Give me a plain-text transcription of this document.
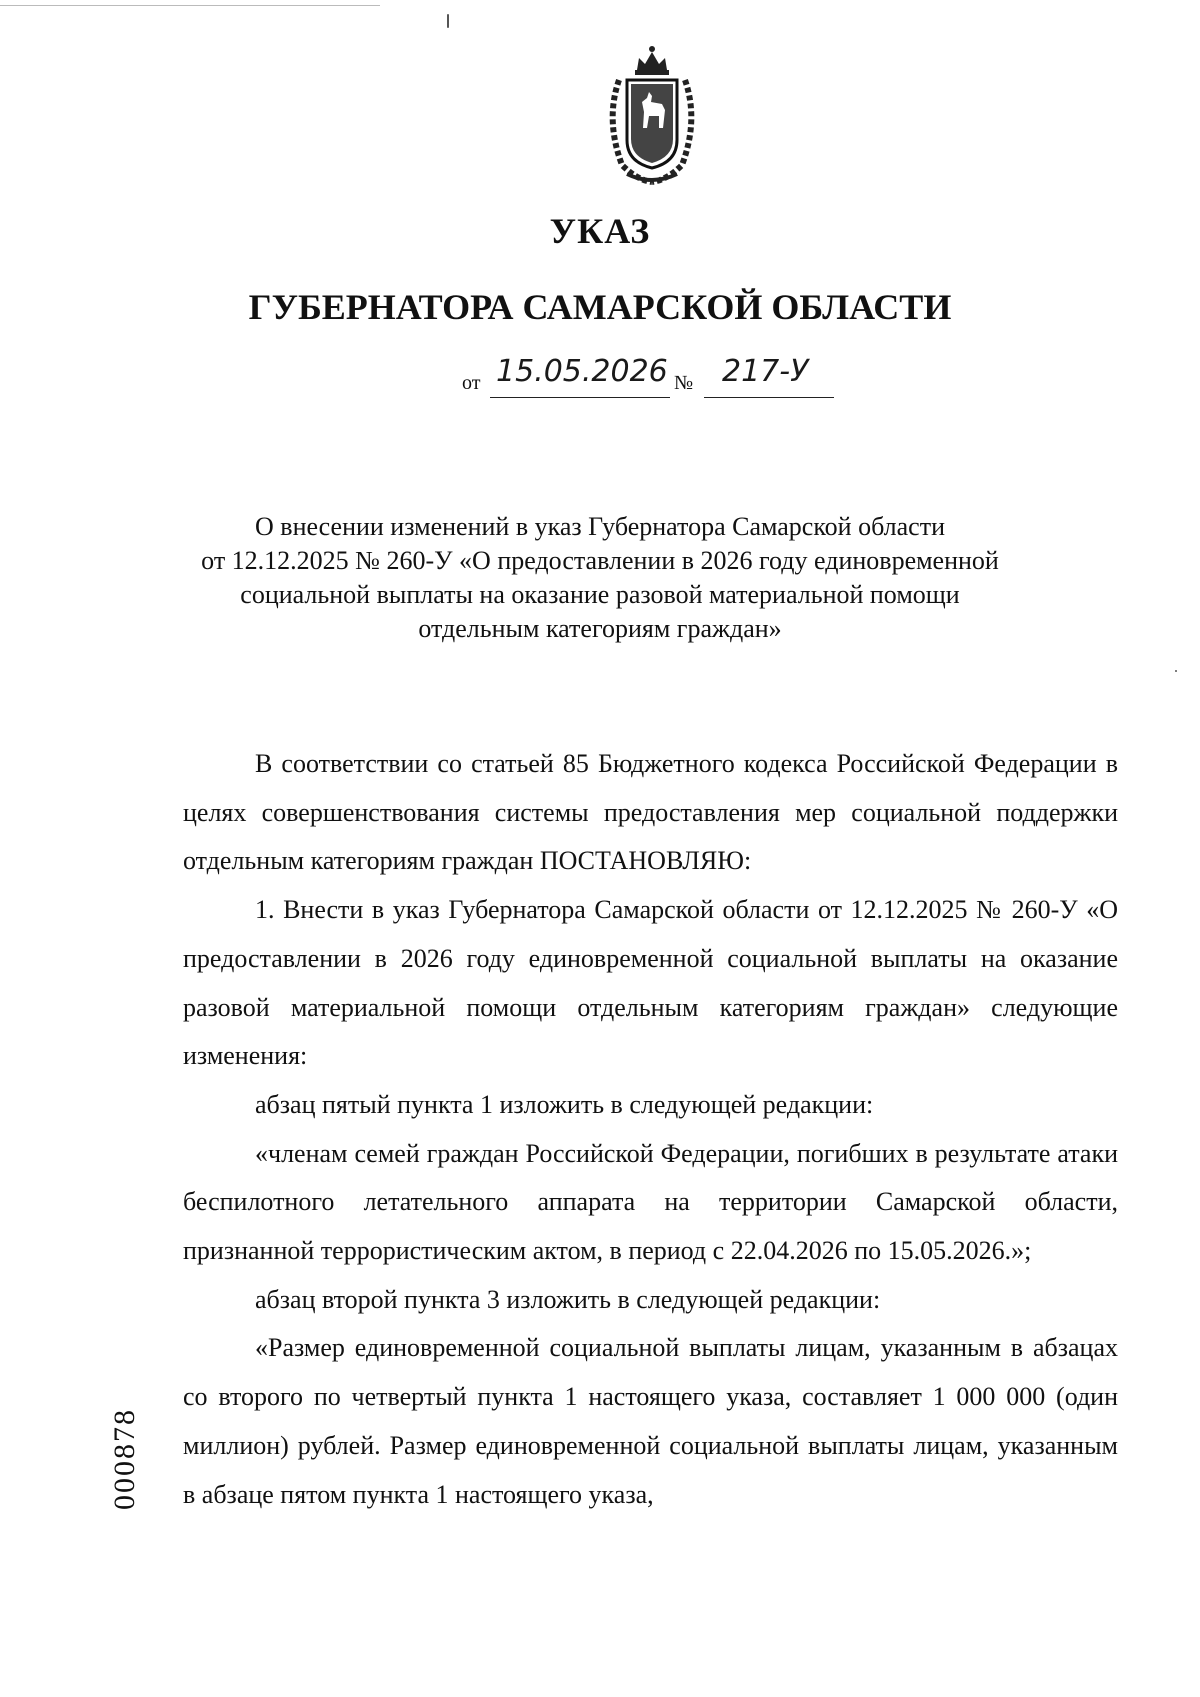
УКАЗ
ГУБЕРНАТОРА САМАРСКОЙ ОБЛАСТИ
от 15.05.2026 № 217-У
О внесении изменений в указ Губернатора Самарской области
от 12.12.2025 № 260-У «О предоставлении в 2026 году единовременной
социальной выплаты на оказание разовой материальной помощи
отдельным категориям граждан»

В соответствии со статьей 85 Бюджетного кодекса Российской Федерации в целях совершенствования системы предоставления мер социальной поддержки отдельным категориям граждан ПОСТАНОВЛЯЮ:

1. Внести в указ Губернатора Самарской области от 12.12.2025 № 260-У «О предоставлении в 2026 году единовременной социальной выплаты на оказание разовой материальной помощи отдельным категориям граждан» следующие изменения:

абзац пятый пункта 1 изложить в следующей редакции:

«членам семей граждан Российской Федерации, погибших в результате атаки беспилотного летательного аппарата на территории Самарской области, признанной террористическим актом, в период с 22.04.2026 по 15.05.2026.»;

абзац второй пункта 3 изложить в следующей редакции:

«Размер единовременной социальной выплаты лицам, указанным в абзацах со второго по четвертый пункта 1 настоящего указа, составляет 1 000 000 (один миллион) рублей. Размер единовременной социальной выплаты лицам, указанным в абзаце пятом пункта 1 настоящего указа,

000878
